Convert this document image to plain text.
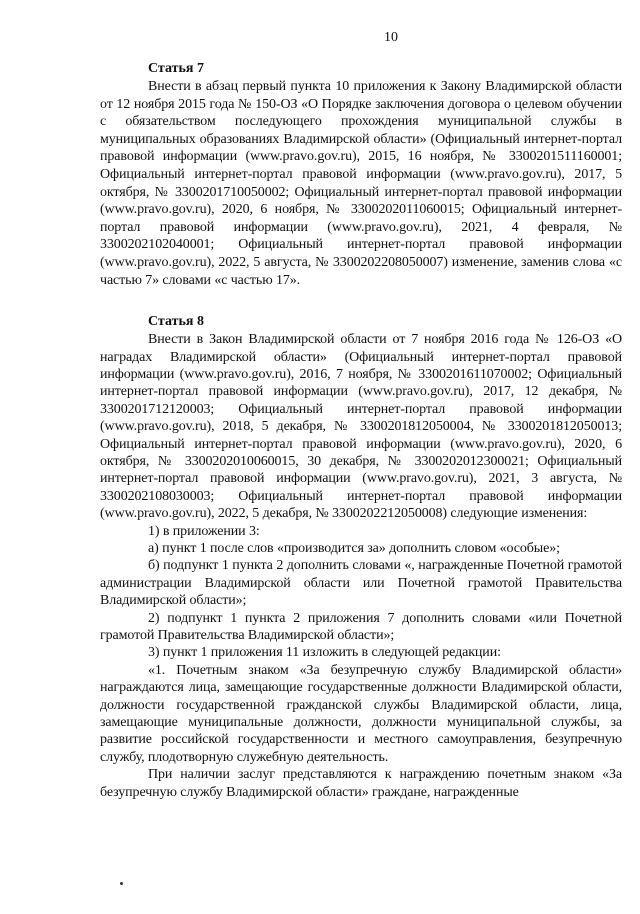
10
Статья 7

Внести в абзац первый пункта 10 приложения к Закону Владимирской области от 12 ноября 2015 года № 150-ОЗ «О Порядке заключения договора о целевом обучении с обязательством последующего прохождения муниципальной службы в муниципальных образованиях Владимирской области» (Официальный интернет-портал правовой информации (www.pravo.gov.ru), 2015, 16 ноября, № 3300201511160001; Официальный интернет-портал правовой информации (www.pravo.gov.ru), 2017, 5 октября, № 3300201710050002; Официальный интернет-портал правовой информации (www.pravo.gov.ru), 2020, 6 ноября, № 3300202011060015; Официальный интернет-портал правовой информации (www.pravo.gov.ru), 2021, 4 февраля, № 3300202102040001; Официальный интернет-портал правовой информации (www.pravo.gov.ru), 2022, 5 августа, № 3300202208050007) изменение, заменив слова «с частью 7» словами «с частью 17».

Статья 8

Внести в Закон Владимирской области от 7 ноября 2016 года № 126-ОЗ «О наградах Владимирской области» (Официальный интернет-портал правовой информации (www.pravo.gov.ru), 2016, 7 ноября, № 3300201611070002; Официальный интернет-портал правовой информации (www.pravo.gov.ru), 2017, 12 декабря, № 3300201712120003; Официальный интернет-портал правовой информации (www.pravo.gov.ru), 2018, 5 декабря, № 3300201812050004, № 3300201812050013; Официальный интернет-портал правовой информации (www.pravo.gov.ru), 2020, 6 октября, № 3300202010060015, 30 декабря, № 3300202012300021; Официальный интернет-портал правовой информации (www.pravo.gov.ru), 2021, 3 августа, № 3300202108030003; Официальный интернет-портал правовой информации (www.pravo.gov.ru), 2022, 5 декабря, № 3300202212050008) следующие изменения:

1) в приложении 3:

а) пункт 1 после слов «производится за» дополнить словом «особые»;

б) подпункт 1 пункта 2 дополнить словами «, награжденные Почетной грамотой администрации Владимирской области или Почетной грамотой Правительства Владимирской области»;

2) подпункт 1 пункта 2 приложения 7 дополнить словами «или Почетной грамотой Правительства Владимирской области»;

3) пункт 1 приложения 11 изложить в следующей редакции:

«1. Почетным знаком «За безупречную службу Владимирской области» награждаются лица, замещающие государственные должности Владимирской области, должности государственной гражданской службы Владимирской области, лица, замещающие муниципальные должности, должности муниципальной службы, за развитие российской государственности и местного самоуправления, безупречную службу, плодотворную служебную деятельность.

При наличии заслуг представляются к награждению почетным знаком «За безупречную службу Владимирской области» граждане, награжденные
